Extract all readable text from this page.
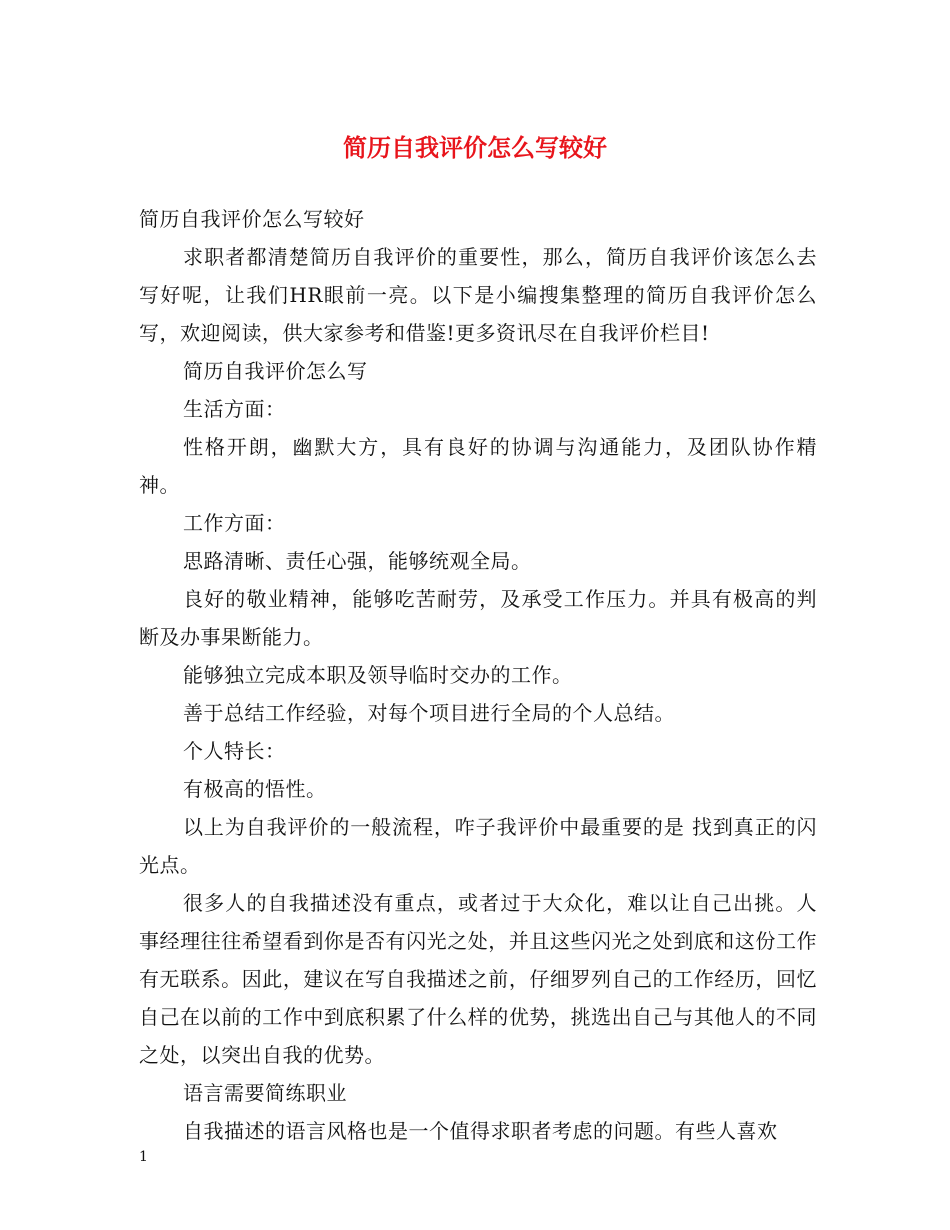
简历自我评价怎么写较好

简历自我评价怎么写较好

求职者都清楚简历自我评价的重要性，那么，简历自我评价该怎么去写好呢，让我们HR眼前一亮。以下是小编搜集整理的简历自我评价怎么写，欢迎阅读，供大家参考和借鉴!更多资讯尽在自我评价栏目!

简历自我评价怎么写

生活方面：

性格开朗，幽默大方，具有良好的协调与沟通能力，及团队协作精神。

工作方面：

思路清晰、责任心强，能够统观全局。

良好的敬业精神，能够吃苦耐劳，及承受工作压力。并具有极高的判断及办事果断能力。

能够独立完成本职及领导临时交办的工作。

善于总结工作经验，对每个项目进行全局的个人总结。

个人特长：

有极高的悟性。

以上为自我评价的一般流程，咋子我评价中最重要的是 找到真正的闪光点。

很多人的自我描述没有重点，或者过于大众化，难以让自己出挑。人事经理往往希望看到你是否有闪光之处，并且这些闪光之处到底和这份工作有无联系。因此，建议在写自我描述之前，仔细罗列自己的工作经历，回忆自己在以前的工作中到底积累了什么样的优势，挑选出自己与其他人的不同之处，以突出自我的优势。

语言需要简练职业

自我描述的语言风格也是一个值得求职者考虑的问题。有些人喜欢

1
